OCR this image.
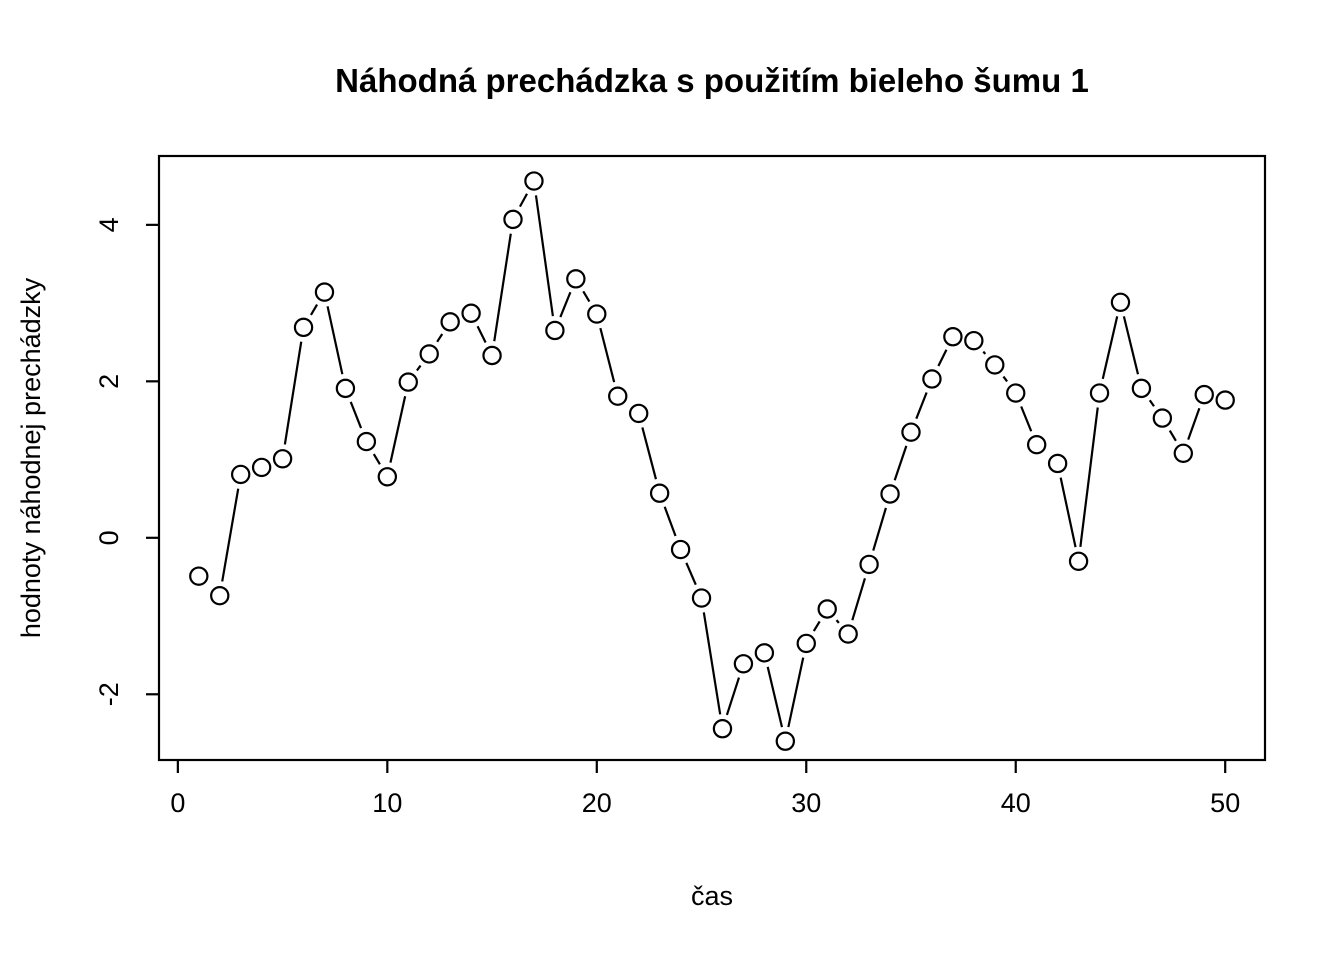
Náhodná prechádzka s použitím bieleho šumu 1
čas
hodnoty náhodnej prechádzky
0	10	20	30	40	50
-2
0
2
4
